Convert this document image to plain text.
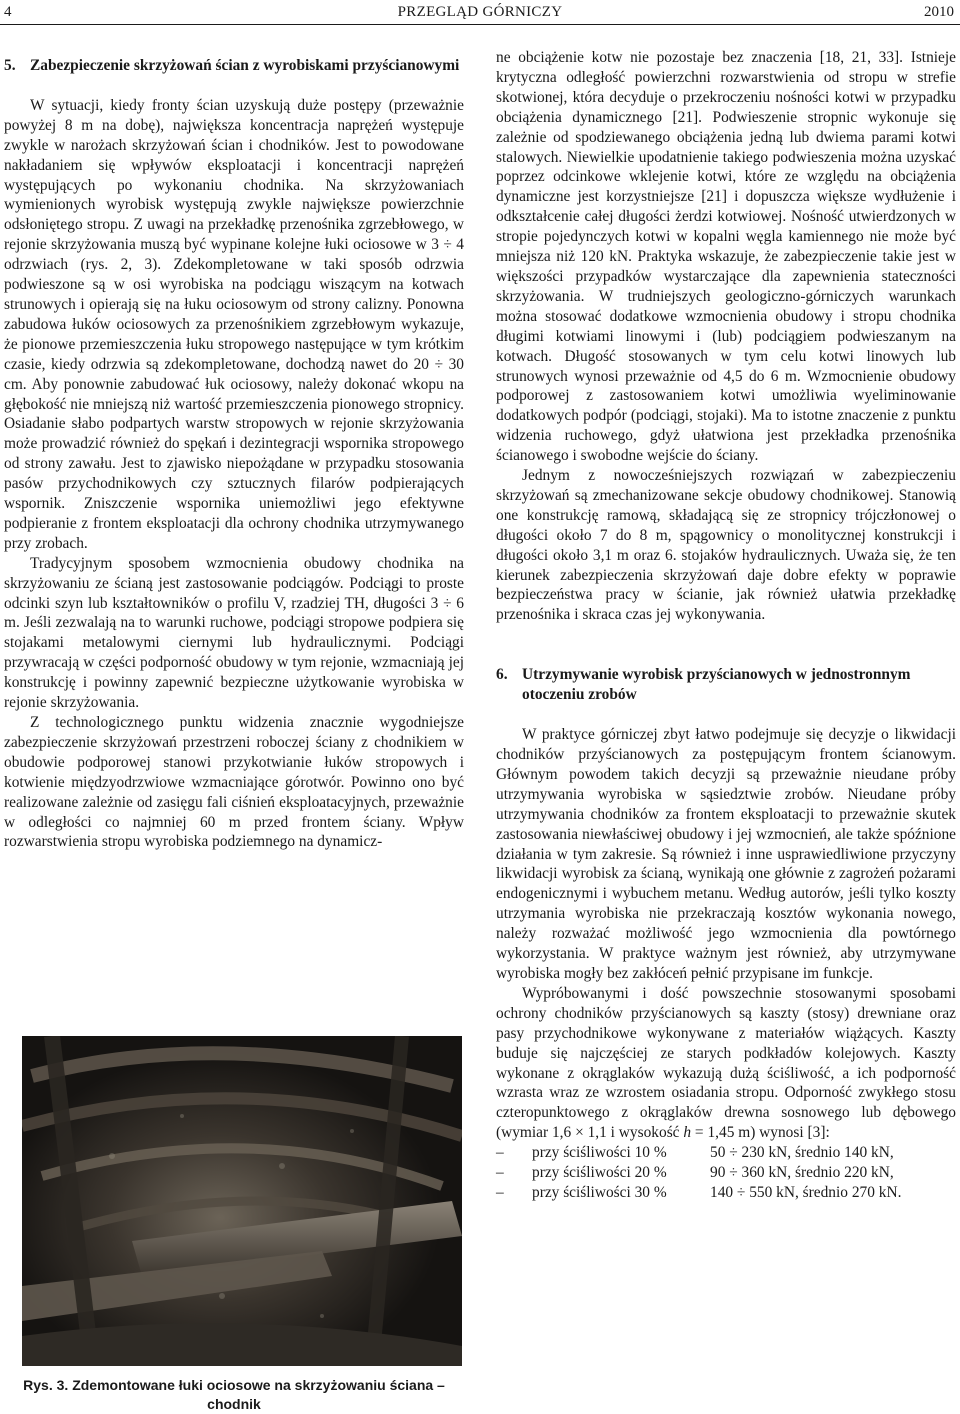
4	PRZEGLĄD GÓRNICZY	2010
5. Zabezpieczenie skrzyżowań ścian z wyrobiskami przyścianowymi

W sytuacji, kiedy fronty ścian uzyskują duże postępy (przeważnie powyżej 8 m na dobę), największa koncentracja naprężeń występuje zwykle w narożach skrzyżowań ścian i chodników. Jest to powodowane nakładaniem się wpływów eksploatacji i koncentracji naprężeń występujących po wykonaniu chodnika. Na skrzyżowaniach wymienionych wyrobisk występują zwykle największe powierzchnie odsłoniętego stropu. Z uwagi na przekładkę przenośnika zgrzebłowego, w rejonie skrzyżowania muszą być wypinane kolejne łuki ociosowe w 3 ÷ 4 odrzwiach (rys. 2, 3). Zdekompletowane w taki sposób odrzwia podwieszone są w osi wyrobiska na podciągu wiszącym na kotwach strunowych i opierają się na łuku ociosowym od strony calizny. Ponowna zabudowa łuków ociosowych za przenośnikiem zgrzebłowym wykazuje, że pionowe przemieszczenia łuku stropowego następujące w tym krótkim czasie, kiedy odrzwia są zdekompletowane, dochodzą nawet do 20 ÷ 30 cm. Aby ponownie zabudować łuk ociosowy, należy dokonać wkopu na głębokość nie mniejszą niż wartość przemieszczenia pionowego stropnicy. Osiadanie słabo podpartych warstw stropowych w rejonie skrzyżowania może prowadzić również do spękań i dezintegracji wspornika stropowego od strony zawału. Jest to zjawisko niepożądane w przypadku stosowania pasów przychodnikowych czy sztucznych filarów podpierających wspornik. Zniszczenie wspornika uniemożliwi jego efektywne podpieranie z frontem eksploatacji dla ochrony chodnika utrzymywanego przy zrobach.

Tradycyjnym sposobem wzmocnienia obudowy chodnika na skrzyżowaniu ze ścianą jest zastosowanie podciągów. Podciągi to proste odcinki szyn lub kształtowników o profilu V, rzadziej TH, długości 3 ÷ 6 m. Jeśli zezwalają na to warunki ruchowe, podciągi stropowe podpiera się stojakami metalowymi ciernymi lub hydraulicznymi. Podciągi przywracają w części podporność obudowy w tym rejonie, wzmacniają jej konstrukcję i powinny zapewnić bezpieczne użytkowanie wyrobiska w rejonie skrzyżowania.

Z technologicznego punktu widzenia znacznie wygodniejsze zabezpieczenie skrzyżowań przestrzeni roboczej ściany z chodnikiem w obudowie podporowej stanowi przykotwianie łuków stropowych i kotwienie międzyodrzwiowe wzmacniające górotwór. Powinno ono być realizowane zależnie od zasięgu fali ciśnień eksploatacyjnych, przeważnie w odległości co najmniej 60 m przed frontem ściany. Wpływ rozwarstwienia stropu wyrobiska podziemnego na dynamicz-

Rys. 3. Zdemontowane łuki ociosowe na skrzyżowaniu ściana – chodnik

ne obciążenie kotw nie pozostaje bez znaczenia [18, 21, 33]. Istnieje krytyczna odległość powierzchni rozwarstwienia od stropu w strefie skotwionej, która decyduje o przekroczeniu nośności kotwi w przypadku obciążenia dynamicznego [21]. Podwieszenie stropnic wykonuje się zależnie od spodziewanego obciążenia jedną lub dwiema parami kotwi stalowych. Niewielkie upodatnienie takiego podwieszenia można uzyskać poprzez odcinkowe wklejenie kotwi, które ze względu na obciążenia dynamiczne jest korzystniejsze [21] i dopuszcza większe wydłużenie i odkształcenie całej długości żerdzi kotwiowej. Nośność utwierdzonych w stropie pojedynczych kotwi w kopalni węgla kamiennego nie może być mniejsza niż 120 kN. Praktyka wskazuje, że zabezpieczenie takie jest w większości przypadków wystarczające dla zapewnienia stateczności skrzyżowania. W trudniejszych geologiczno-górniczych warunkach można stosować dodatkowe wzmocnienia obudowy i stropu chodnika długimi kotwiami linowymi i (lub) podciągiem podwieszanym na kotwach. Długość stosowanych w tym celu kotwi linowych lub strunowych wynosi przeważnie od 4,5 do 6 m. Wzmocnienie obudowy podporowej z zastosowaniem kotwi umożliwia wyeliminowanie dodatkowych podpór (podciągi, stojaki). Ma to istotne znaczenie z punktu widzenia ruchowego, gdyż ułatwiona jest przekładka przenośnika ścianowego i swobodne wejście do ściany.

Jednym z nowocześniejszych rozwiązań w zabezpieczeniu skrzyżowań są zmechanizowane sekcje obudowy chodnikowej. Stanowią one konstrukcję ramową, składającą się ze stropnicy trójczłonowej o długości około 7 do 8 m, spągownicy o monolitycznej konstrukcji i długości około 3,1 m oraz 6. stojaków hydraulicznych. Uważa się, że ten kierunek zabezpieczenia skrzyżowań daje dobre efekty w poprawie bezpieczeństwa pracy w ścianie, jak również ułatwia przekładkę przenośnika i skraca czas jej wykonywania.

6. Utrzymywanie wyrobisk przyścianowych w jednostronnym otoczeniu zrobów

W praktyce górniczej zbyt łatwo podejmuje się decyzje o likwidacji chodników przyścianowych za postępującym frontem ścianowym. Głównym powodem takich decyzji są przeważnie nieudane próby utrzymywania wyrobiska w sąsiedztwie zrobów. Nieudane próby utrzymywania chodników za frontem eksploatacji to przeważnie skutek zastosowania niewłaściwej obudowy i jej wzmocnień, ale także spóźnione działania w tym zakresie. Są również i inne usprawiedliwione przyczyny likwidacji wyrobisk za ścianą, wynikają one głównie z zagrożeń pożarami endogenicznymi i wybuchem metanu. Według autorów, jeśli tylko koszty utrzymania wyrobiska nie przekraczają kosztów wykonania nowego, należy rozważać możliwość jego wzmocnienia dla powtórnego wykorzystania. W praktyce ważnym jest również, aby utrzymywane wyrobiska mogły bez zakłóceń pełnić przypisane im funkcje.

Wypróbowanymi i dość powszechnie stosowanymi sposobami ochrony chodników przyścianowych są kaszty (stosy) drewniane oraz pasy przychodnikowe wykonywane z materiałów wiążących. Kaszty buduje się najczęściej ze starych podkładów kolejowych. Kaszty wykonane z okrąglaków wykazują dużą ściśliwość, a ich podporność wzrasta wraz ze wzrostem osiadania stropu. Odporność zwykłego stosu czteropunktowego z okrąglaków drewna sosnowego lub dębowego (wymiar 1,6 × 1,1 i wysokość h = 1,45 m) wynosi [3]:

–	przy ściśliwości 10 %	50 ÷ 230 kN, średnio 140 kN,
–	przy ściśliwości 20 %	90 ÷ 360 kN, średnio 220 kN,
–	przy ściśliwości 30 %	140 ÷ 550 kN, średnio 270 kN.
